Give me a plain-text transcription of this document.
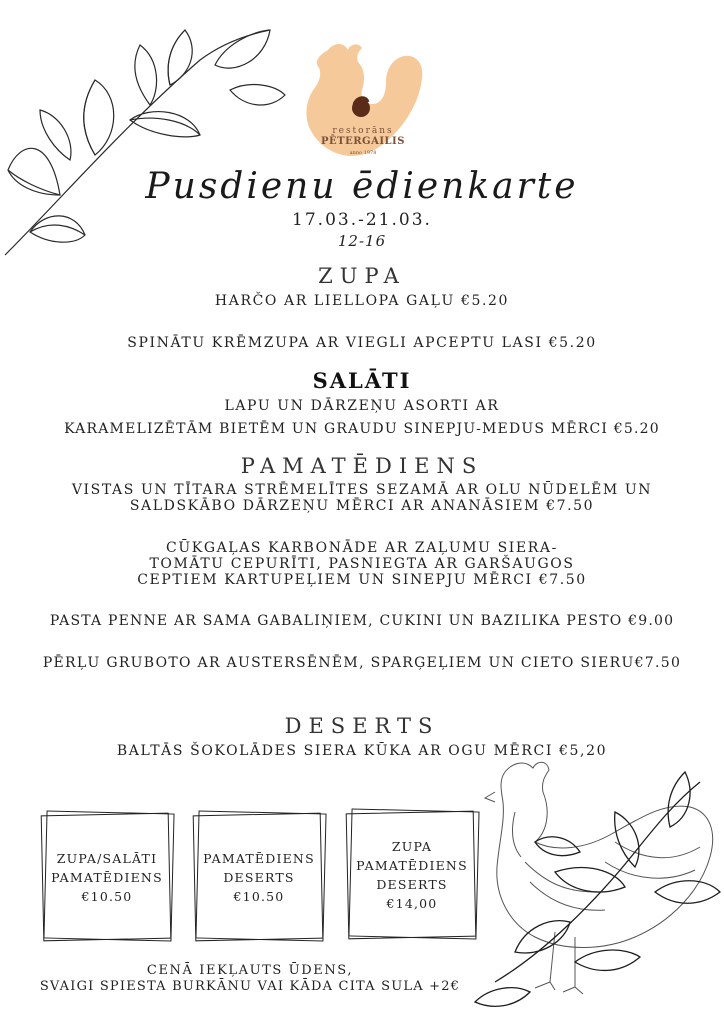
restorāns
PĒTERGAILIS
anno 1978
Pusdienu ēdienkarte
17.03.-21.03.
12-16
ZUPA
HARČO AR LIELLOPA GAĻU €5.20
SPINĀTU KRĒMZUPA AR VIEGLI APCEPTU LASI €5.20
SALĀTI
LAPU UN DĀRZEŅU ASORTI AR
KARAMELIZĒTĀM BIETĒM UN GRAUDU SINEPJU-MEDUS MĒRCI €5.20
PAMATĒDIENS
VISTAS UN TĪTARA STRĒMELĪTES SEZAMĀ AR OLU NŪDELĒM UN
SALDSKĀBO DĀRZEŅU MĒRCI AR ANANĀSIEM €7.50
CŪKGAĻAS KARBONĀDE AR ZAĻUMU SIERA-
TOMĀTU CEPURĪTI, PASNIEGTA AR GARŠAUGOS
CEPTIEM KARTUPEĻIEM UN SINEPJU MĒRCI €7.50
PASTA PENNE AR SAMA GABALIŅIEM, CUKINI UN BAZILIKA PESTO €9.00
PĒRĻU GRUBOTO AR AUSTERSĒNĒM, SPARĢEĻIEM UN CIETO SIERU€7.50
DESERTS
BALTĀS ŠOKOLĀDES SIERA KŪKA AR OGU MĒRCI €5,20
ZUPA/SALĀTI
PAMATĒDIENS
€10.50
PAMATĒDIENS
DESERTS
€10.50
ZUPA
PAMATĒDIENS
DESERTS
€14,00
CENĀ IEKĻAUTS ŪDENS,
SVAIGI SPIESTA BURKĀNU VAI KĀDA CITA SULA +2€
